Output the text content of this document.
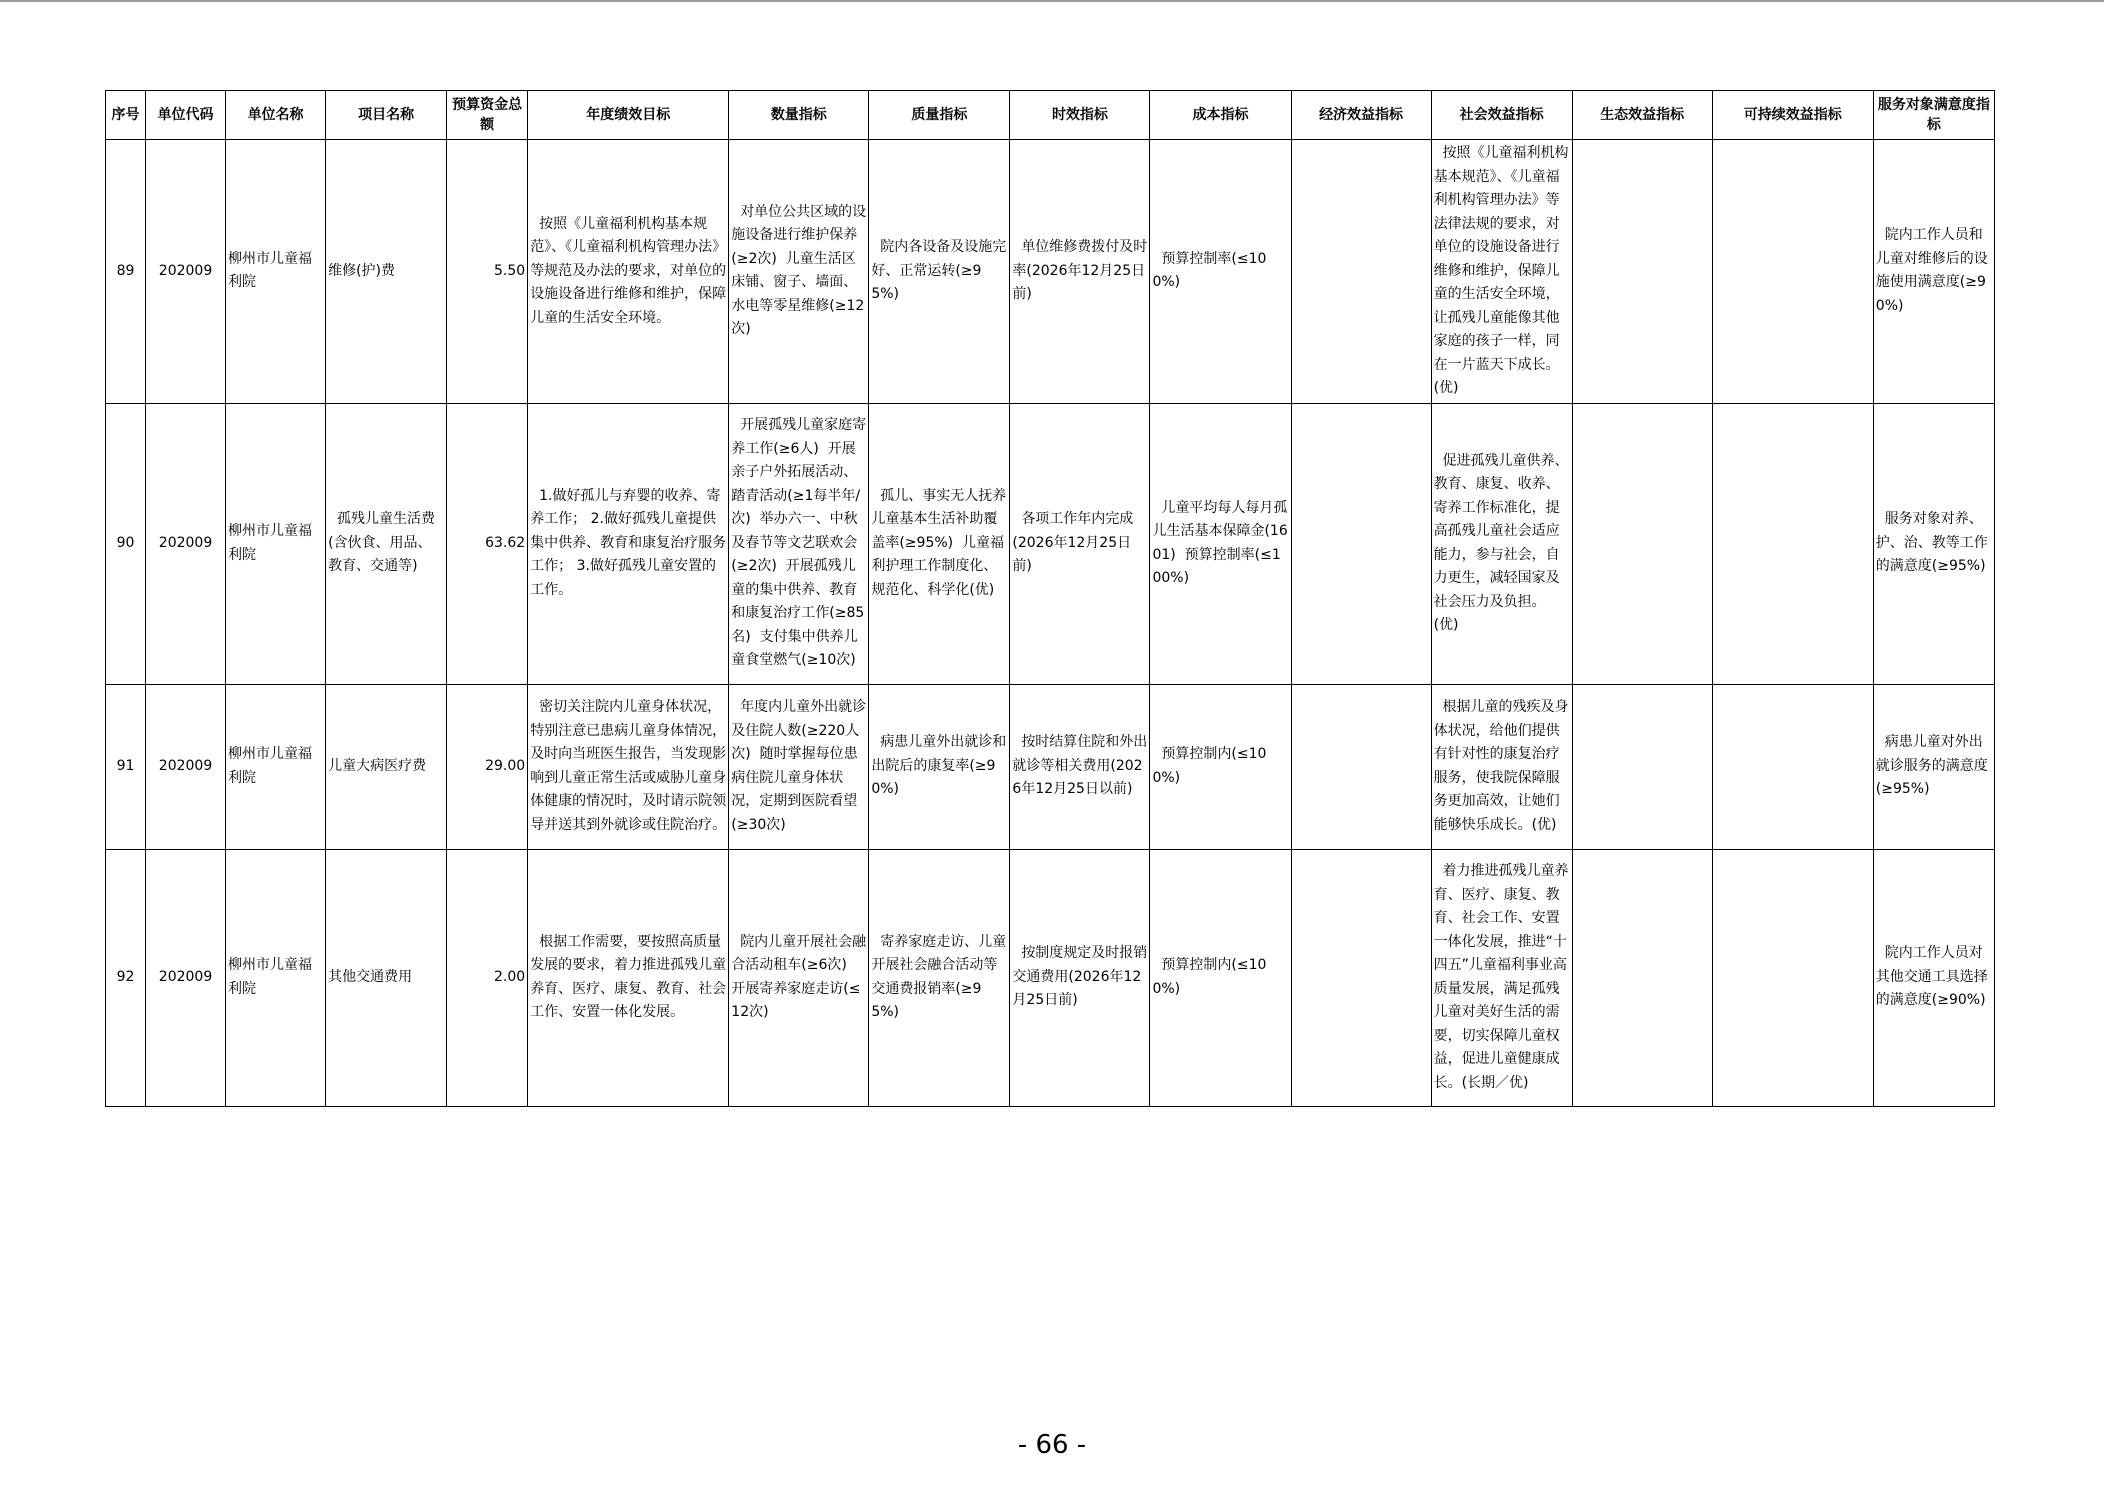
序号	单位代码	单位名称	项目名称	预算资金总额	年度绩效目标	数量指标	质量指标	时效指标	成本指标	经济效益指标	社会效益指标	生态效益指标	可持续效益指标	服务对象满意度指标
89	202009	柳州市儿童福利院	维修(护)费	5.50	按照《儿童福利机构基本规范》、《儿童福利机构管理办法》等规范及办法的要求，对单位的设施设备进行维修和维护，保障儿童的生活安全环境。	对单位公共区域的设施设备进行维护保养(≥2次)  儿童生活区床铺、窗子、墙面、水电等零星维修(≥12次)	院内各设备及设施完好、正常运转(≥95%)	单位维修费拨付及时率(2026年12月25日前)	预算控制率(≤100%)		按照《儿童福利机构基本规范》、《儿童福利机构管理办法》等法律法规的要求，对单位的设施设备进行维修和维护，保障儿童的生活安全环境，让孤残儿童能像其他家庭的孩子一样，同在一片蓝天下成长。(优)			院内工作人员和儿童对维修后的设施使用满意度(≥90%)
90	202009	柳州市儿童福利院	孤残儿童生活费(含伙食、用品、教育、交通等)	63.62	1.做好孤儿与弃婴的收养、寄养工作； 2.做好孤残儿童提供集中供养、教育和康复治疗服务工作； 3.做好孤残儿童安置的工作。	开展孤残儿童家庭寄养工作(≥6人)  开展亲子户外拓展活动、踏青活动(≥1每半年/次)  举办六一、中秋及春节等文艺联欢会(≥2次)  开展孤残儿童的集中供养、教育和康复治疗工作(≥85名)  支付集中供养儿童食堂燃气(≥10次)	孤儿、事实无人抚养儿童基本生活补助覆盖率(≥95%)  儿童福利护理工作制度化、规范化、科学化(优)	各项工作年内完成(2026年12月25日前)	儿童平均每人每月孤儿生活基本保障金(1601)  预算控制率(≤100%)		促进孤残儿童供养、教育、康复、收养、寄养工作标准化，提高孤残儿童社会适应能力，参与社会，自力更生，减轻国家及社会压力及负担。(优)			服务对象对养、护、治、教等工作的满意度(≥95%)
91	202009	柳州市儿童福利院	儿童大病医疗费	29.00	密切关注院内儿童身体状况，特别注意已患病儿童身体情况，及时向当班医生报告，当发现影响到儿童正常生活或威胁儿童身体健康的情况时，及时请示院领导并送其到外就诊或住院治疗。	年度内儿童外出就诊及住院人数(≥220人次)  随时掌握每位患病住院儿童身体状况，定期到医院看望(≥30次)	病患儿童外出就诊和出院后的康复率(≥90%)	按时结算住院和外出就诊等相关费用(2026年12月25日以前)	预算控制内(≤100%)		根据儿童的残疾及身体状况，给他们提供有针对性的康复治疗服务，使我院保障服务更加高效，让她们能够快乐成长。(优)			病患儿童对外出就诊服务的满意度(≥95%)
92	202009	柳州市儿童福利院	其他交通费用	2.00	根据工作需要，要按照高质量发展的要求，着力推进孤残儿童养育、医疗、康复、教育、社会工作、安置一体化发展。	院内儿童开展社会融合活动租车(≥6次)  开展寄养家庭走访(≤12次)	寄养家庭走访、儿童开展社会融合活动等交通费报销率(≥95%)	按制度规定及时报销交通费用(2026年12月25日前)	预算控制内(≤100%)		着力推进孤残儿童养育、医疗、康复、教育、社会工作、安置一体化发展，推进“十四五”儿童福利事业高质量发展，满足孤残儿童对美好生活的需要，切实保障儿童权益，促进儿童健康成长。(长期／优)			院内工作人员对其他交通工具选择的满意度(≥90%)
- 66 -
